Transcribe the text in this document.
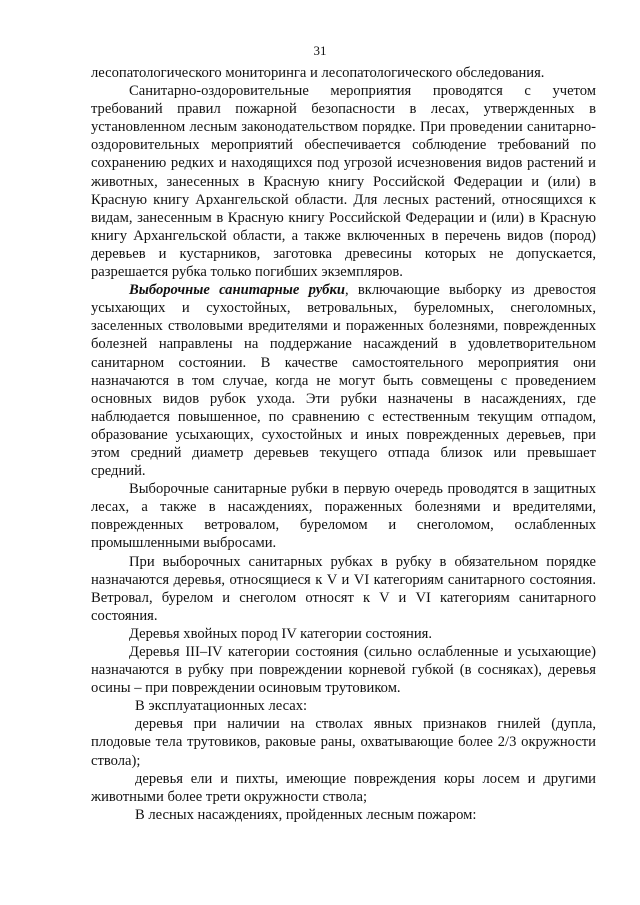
31

лесопатологического мониторинга и лесопатологического обследования.

Санитарно-оздоровительные мероприятия проводятся с учетом требований правил пожарной безопасности в лесах, утвержденных в установленном лесным законодательством порядке. При проведении санитарно-оздоровительных мероприятий обеспечивается соблюдение требований по сохранению редких и находящихся под угрозой исчезновения видов растений и животных, занесенных в Красную книгу Российской Федерации и (или) в Красную книгу Архангельской области. Для лесных растений, относящихся к видам, занесенным в Красную книгу Российской Федерации и (или) в Красную книгу Архангельской области, а также включенных в перечень видов (пород) деревьев и кустарников, заготовка древесины которых не допускается, разрешается рубка только погибших экземпляров.

Выборочные санитарные рубки, включающие выборку из древостоя усыхающих и сухостойных, ветровальных, буреломных, снеголомных, заселенных стволовыми вредителями и пораженных болезнями, поврежденных болезней направлены на поддержание насаждений в удовлетворительном санитарном состоянии. В качестве самостоятельного мероприятия они назначаются в том случае, когда не могут быть совмещены с проведением основных видов рубок ухода. Эти рубки назначены в насаждениях, где наблюдается повышенное, по сравнению с естественным текущим отпадом, образование усыхающих, сухостойных и иных поврежденных деревьев, при этом средний диаметр деревьев текущего отпада близок или превышает средний.

Выборочные санитарные рубки в первую очередь проводятся в защитных лесах, а также в насаждениях, пораженных болезнями и вредителями, поврежденных ветровалом, буреломом и снеголомом, ослабленных промышленными выбросами.

При выборочных санитарных рубках в рубку в обязательном порядке назначаются деревья, относящиеся к V и VI категориям санитарного состояния. Ветровал, бурелом и снеголом относят к V и VI категориям санитарного состояния.

Деревья хвойных пород IV категории состояния.

Деревья III–IV категории состояния (сильно ослабленные и усыхающие) назначаются в рубку при повреждении корневой губкой (в сосняках), деревья осины – при повреждении осиновым трутовиком.

В эксплуатационных лесах:

деревья при наличии на стволах явных признаков гнилей (дупла, плодовые тела трутовиков, раковые раны, охватывающие более 2/3 окружности ствола);

деревья ели и пихты, имеющие повреждения коры лосем и другими животными более трети окружности ствола;

В лесных насаждениях, пройденных лесным пожаром:
